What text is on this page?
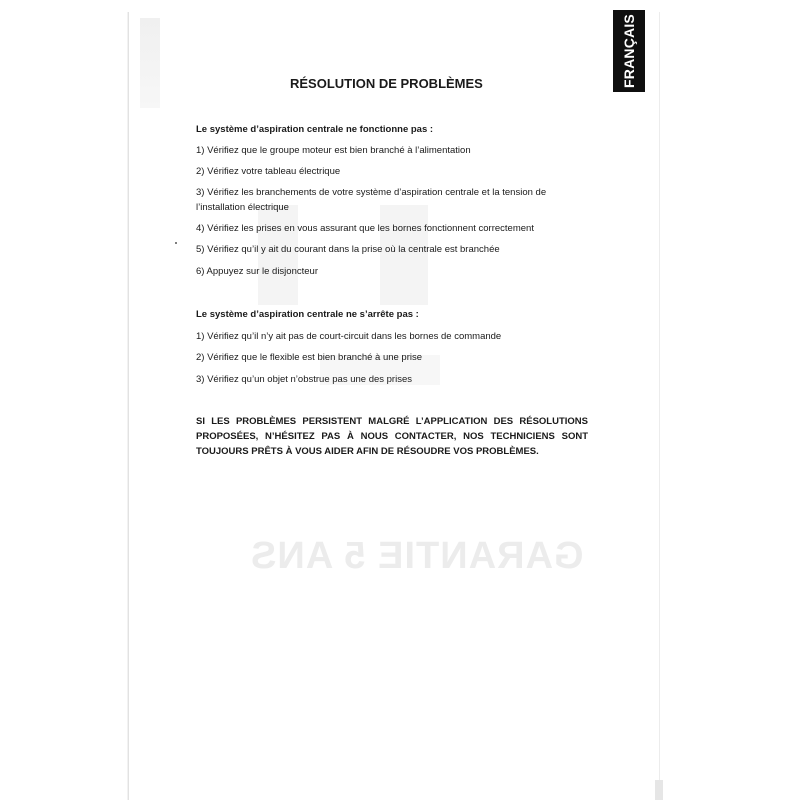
GARANTIE 5 ANS
FRANÇAIS
RÉSOLUTION DE PROBLÈMES
Le système d’aspiration centrale ne fonctionne pas :
1) Vérifiez que le groupe moteur est bien branché à l’alimentation
2) Vérifiez votre tableau électrique
3) Vérifiez les branchements de votre système d’aspiration centrale et la tension de l’installation électrique
4) Vérifiez les prises en vous assurant que les bornes fonctionnent correctement
5) Vérifiez qu’il y ait du courant dans la prise où la centrale est branchée
6) Appuyez sur le disjoncteur
Le système d’aspiration centrale ne s’arrête pas :
1) Vérifiez qu’il n’y ait pas de court-circuit dans les bornes de commande
2) Vérifiez que le flexible est bien branché à une prise
3) Vérifiez qu’un objet n’obstrue pas une des prises
SI LES PROBLÈMES PERSISTENT MALGRÉ L’APPLICATION DES RÉSOLUTIONS PROPOSÉES, N’HÉSITEZ PAS À NOUS CONTACTER, NOS TECHNICIENS SONT TOUJOURS PRÊTS À VOUS AIDER AFIN DE RÉSOUDRE VOS PROBLÈMES.
